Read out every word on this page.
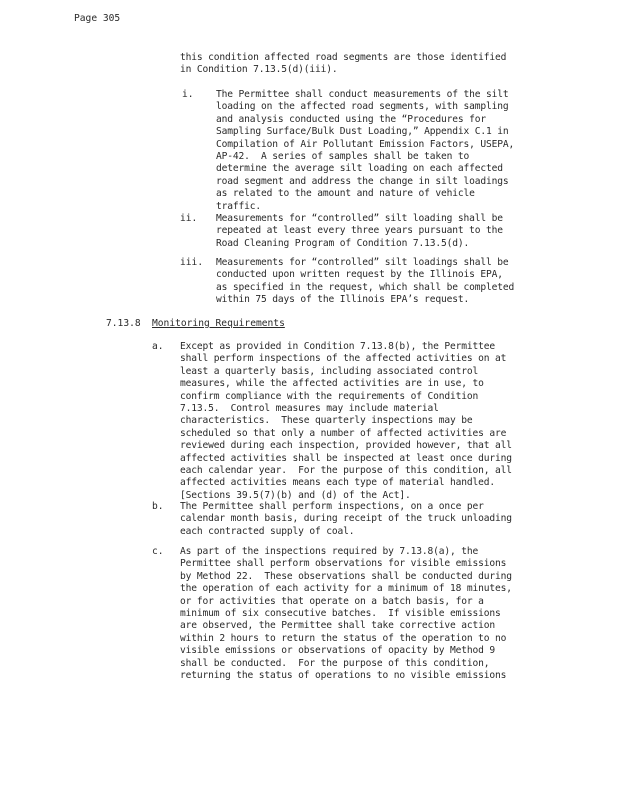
Page 305
this condition affected road segments are those identified
in Condition 7.13.5(d)(iii).
i. The Permittee shall conduct measurements of the silt
loading on the affected road segments, with sampling
and analysis conducted using the “Procedures for
Sampling Surface/Bulk Dust Loading,” Appendix C.1 in
Compilation of Air Pollutant Emission Factors, USEPA,
AP-42.  A series of samples shall be taken to
determine the average silt loading on each affected
road segment and address the change in silt loadings
as related to the amount and nature of vehicle
traffic.
ii. Measurements for “controlled” silt loading shall be
repeated at least every three years pursuant to the
Road Cleaning Program of Condition 7.13.5(d).
iii. Measurements for “controlled” silt loadings shall be
conducted upon written request by the Illinois EPA,
as specified in the request, which shall be completed
within 75 days of the Illinois EPA’s request.
7.13.8 Monitoring Requirements
a. Except as provided in Condition 7.13.8(b), the Permittee
shall perform inspections of the affected activities on at
least a quarterly basis, including associated control
measures, while the affected activities are in use, to
confirm compliance with the requirements of Condition
7.13.5.  Control measures may include material
characteristics.  These quarterly inspections may be
scheduled so that only a number of affected activities are
reviewed during each inspection, provided however, that all
affected activities shall be inspected at least once during
each calendar year.  For the purpose of this condition, all
affected activities means each type of material handled.
[Sections 39.5(7)(b) and (d) of the Act].
b. The Permittee shall perform inspections, on a once per
calendar month basis, during receipt of the truck unloading
each contracted supply of coal.
c. As part of the inspections required by 7.13.8(a), the
Permittee shall perform observations for visible emissions
by Method 22.  These observations shall be conducted during
the operation of each activity for a minimum of 18 minutes,
or for activities that operate on a batch basis, for a
minimum of six consecutive batches.  If visible emissions
are observed, the Permittee shall take corrective action
within 2 hours to return the status of the operation to no
visible emissions or observations of opacity by Method 9
shall be conducted.  For the purpose of this condition,
returning the status of operations to no visible emissions
